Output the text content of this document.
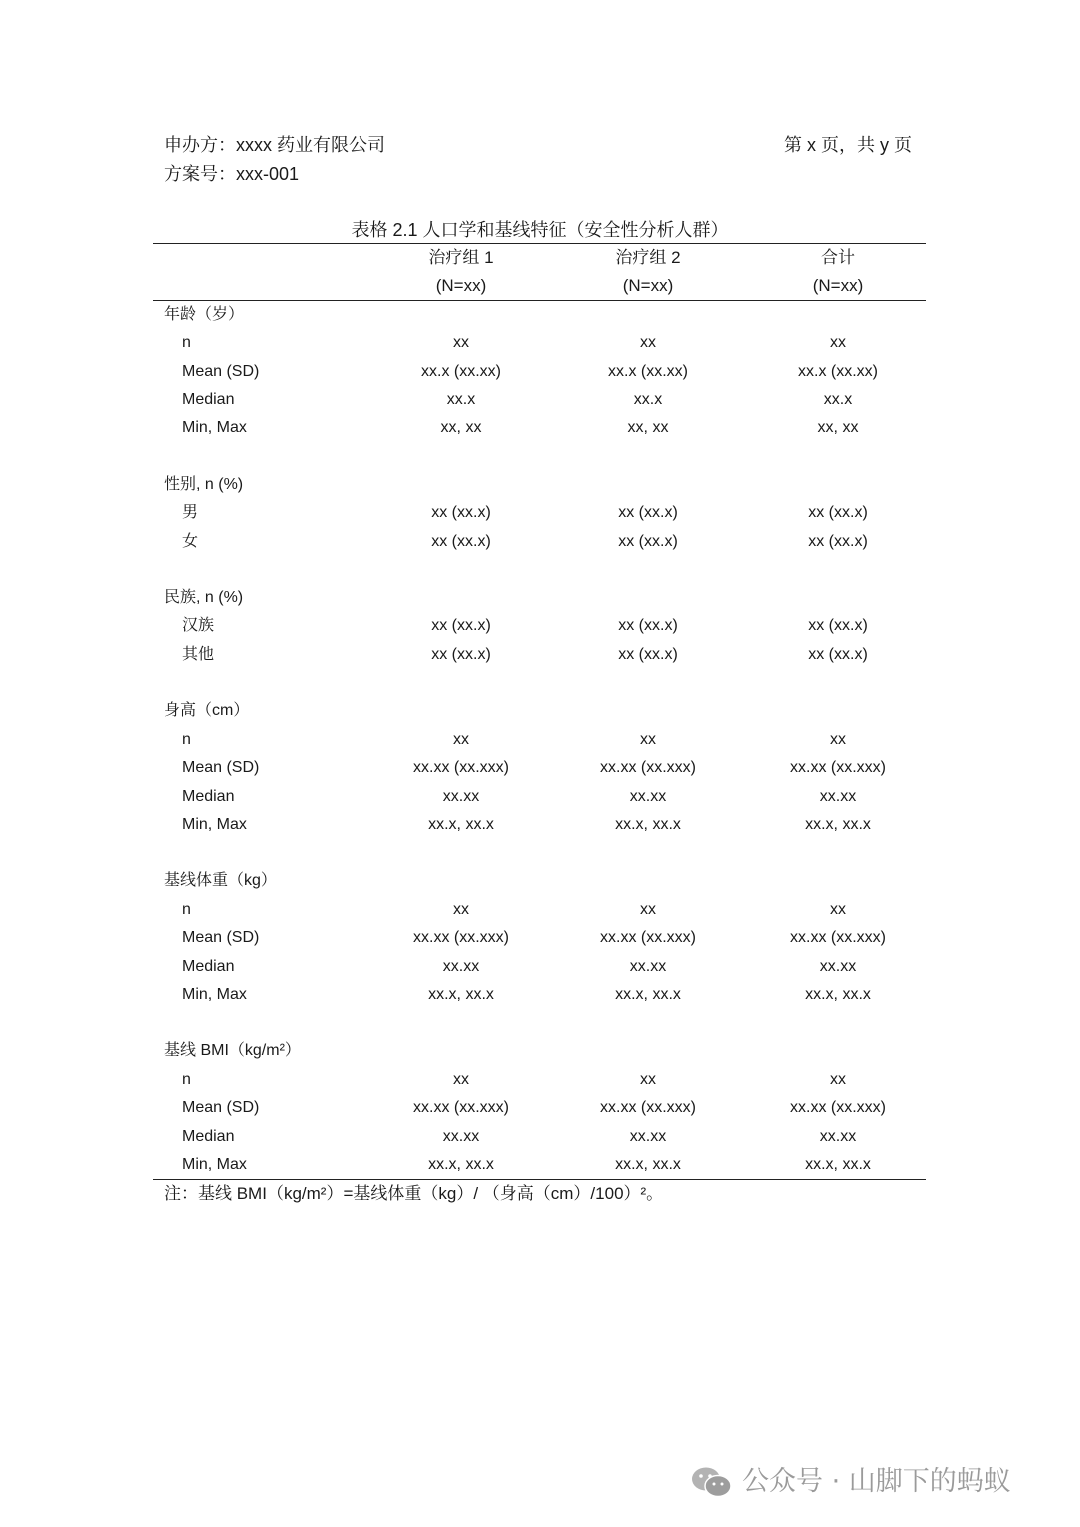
申办方：xxxx 药业有限公司
方案号：xxx-001
第 x 页，共 y 页
表格 2.1 人口学和基线特征（安全性分析人群）
	治疗组 1	治疗组 2	合计
	(N=xx)	(N=xx)	(N=xx)
年龄（岁）			
n	xx	xx	xx
Mean (SD)	xx.x (xx.xx)	xx.x (xx.xx)	xx.x (xx.xx)
Median	xx.x	xx.x	xx.x
Min, Max	xx, xx	xx, xx	xx, xx

性别, n (%)			
男	xx (xx.x)	xx (xx.x)	xx (xx.x)
女	xx (xx.x)	xx (xx.x)	xx (xx.x)

民族, n (%)			
汉族	xx (xx.x)	xx (xx.x)	xx (xx.x)
其他	xx (xx.x)	xx (xx.x)	xx (xx.x)

身高（cm）			
n	xx	xx	xx
Mean (SD)	xx.xx (xx.xxx)	xx.xx (xx.xxx)	xx.xx (xx.xxx)
Median	xx.xx	xx.xx	xx.xx
Min, Max	xx.x, xx.x	xx.x, xx.x	xx.x, xx.x

基线体重（kg）			
n	xx	xx	xx
Mean (SD)	xx.xx (xx.xxx)	xx.xx (xx.xxx)	xx.xx (xx.xxx)
Median	xx.xx	xx.xx	xx.xx
Min, Max	xx.x, xx.x	xx.x, xx.x	xx.x, xx.x

基线 BMI（kg/m²）			
n	xx	xx	xx
Mean (SD)	xx.xx (xx.xxx)	xx.xx (xx.xxx)	xx.xx (xx.xxx)
Median	xx.xx	xx.xx	xx.xx
Min, Max	xx.x, xx.x	xx.x, xx.x	xx.x, xx.x
注：基线 BMI（kg/m²）=基线体重（kg）/ （身高（cm）/100）²。
公众号 · 山脚下的蚂蚁
